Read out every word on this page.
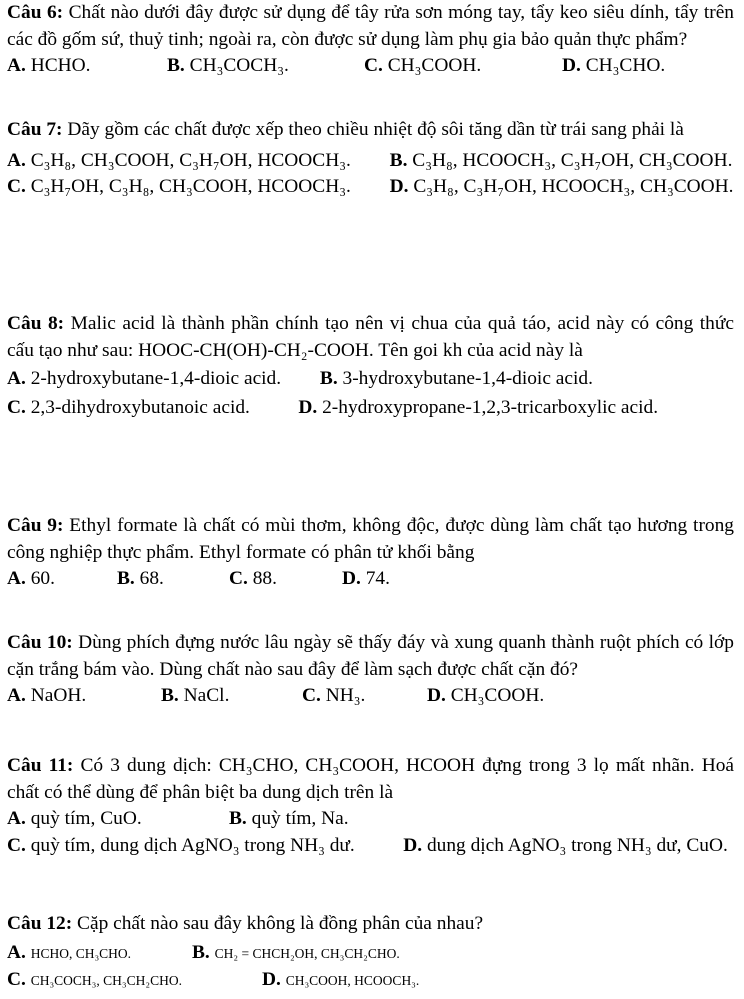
Câu 6: Chất nào dưới đây được sử dụng để tây rửa sơn móng tay, tẩy keo siêu dính, tẩy trên các đồ gốm sứ, thuỷ tinh; ngoài ra, còn được sử dụng làm phụ gia bảo quản thực phẩm?

A. HCHO.	B. CH₃COCH₃.	C. CH₃COOH.	D. CH₃CHO.

Câu 7: Dãy gồm các chất được xếp theo chiều nhiệt độ sôi tăng dần từ trái sang phải là

A. C₃H₈, CH₃COOH, C₃H₇OH, HCOOCH₃. B. C₃H₈, HCOOCH₃, C₃H₇OH, CH₃COOH.

C. C₃H₇OH, C₃H₈, CH₃COOH, HCOOCH₃. D. C₃H₈, C₃H₇OH, HCOOCH₃, CH₃COOH.

Câu 8: Malic acid là thành phần chính tạo nên vị chua của quả táo, acid này có công thức cấu tạo như sau: HOOC-CH(OH)-CH₂-COOH. Tên goi kh của acid này là

A. 2-hydroxybutane-1,4-dioic acid. B. 3-hydroxybutane-1,4-dioic acid.

C. 2,3-dihydroxybutanoic acid. D. 2-hydroxypropane-1,2,3-tricarboxylic acid.

Câu 9: Ethyl formate là chất có mùi thơm, không độc, được dùng làm chất tạo hương trong công nghiệp thực phẩm. Ethyl formate có phân tử khối bằng

A. 60.	B. 68.	C. 88.	D. 74.

Câu 10: Dùng phích đựng nước lâu ngày sẽ thấy đáy và xung quanh thành ruột phích có lớp cặn trắng bám vào. Dùng chất nào sau đây để làm sạch được chất cặn đó?

A. NaOH.	B. NaCl.	C. NH₃.	D. CH₃COOH.

Câu 11: Có 3 dung dịch: CH₃CHO, CH₃COOH, HCOOH đựng trong 3 lọ mất nhãn. Hoá chất có thể dùng để phân biệt ba dung dịch trên là

A. quỳ tím, CuO.	B. quỳ tím, Na.

C. quỳ tím, dung dịch AgNO₃ trong NH₃ dư. D. dung dịch AgNO₃ trong NH₃ dư, CuO.

Câu 12: Cặp chất nào sau đây không là đồng phân của nhau?

A. HCHO, CH₃CHO.	B. CH₂ = CHCH₂OH, CH₃CH₂CHO.
C. CH₃COCH₃, CH₃CH₂CHO.	D. CH₃COOH, HCOOCH₃.
